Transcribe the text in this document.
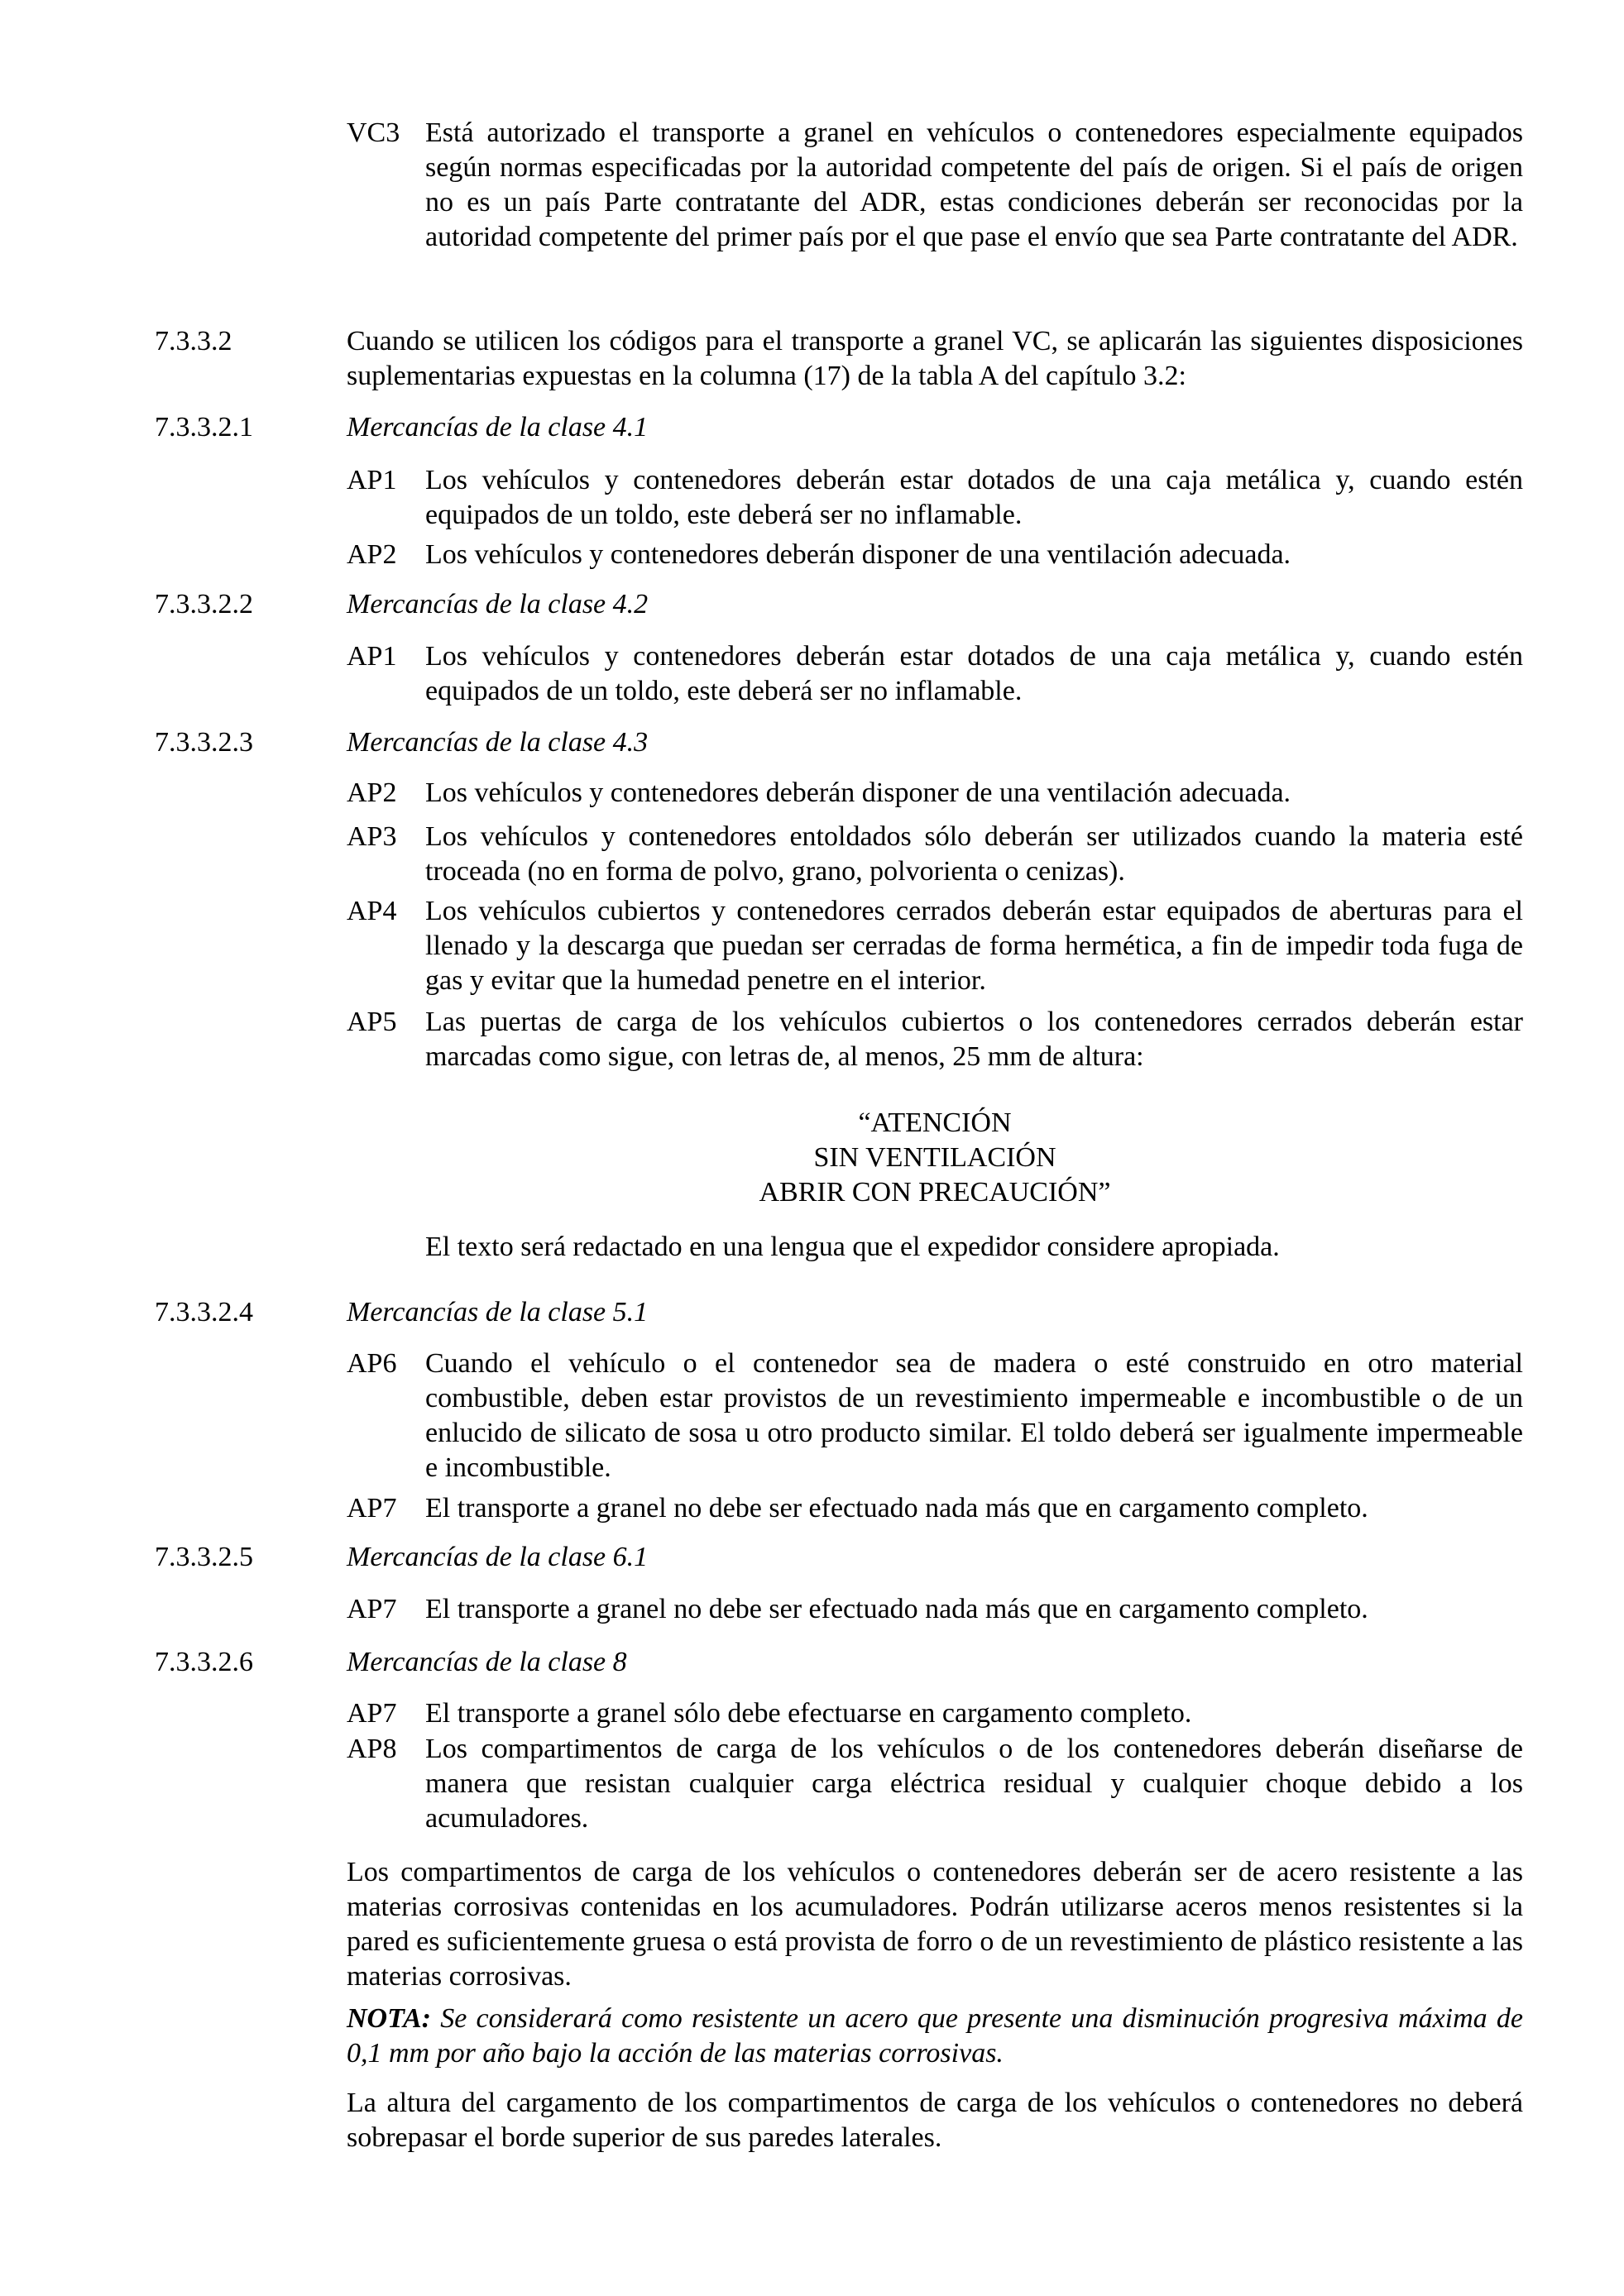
VC3 Está autorizado el transporte a granel en vehículos o contenedores especialmente equipados según normas especificadas por la autoridad competente del país de origen. Si el país de origen no es un país Parte contratante del ADR, estas condiciones deberán ser reconocidas por la autoridad competente del primer país por el que pase el envío que sea Parte contratante del ADR.
7.3.3.2	Cuando se utilicen los códigos para el transporte a granel VC, se aplicarán las siguientes disposiciones suplementarias expuestas en la columna (17) de la tabla A del capítulo 3.2:
7.3.3.2.1	Mercancías de la clase 4.1
AP1 Los vehículos y contenedores deberán estar dotados de una caja metálica y, cuando estén equipados de un toldo, este deberá ser no inflamable.
AP2 Los vehículos y contenedores deberán disponer de una ventilación adecuada.
7.3.3.2.2	Mercancías de la clase 4.2
AP1 Los vehículos y contenedores deberán estar dotados de una caja metálica y, cuando estén equipados de un toldo, este deberá ser no inflamable.
7.3.3.2.3	Mercancías de la clase 4.3
AP2 Los vehículos y contenedores deberán disponer de una ventilación adecuada.
AP3 Los vehículos y contenedores entoldados sólo deberán ser utilizados cuando la materia esté troceada (no en forma de polvo, grano, polvorienta o cenizas).
AP4 Los vehículos cubiertos y contenedores cerrados deberán estar equipados de aberturas para el llenado y la descarga que puedan ser cerradas de forma hermética, a fin de impedir toda fuga de gas y evitar que la humedad penetre en el interior.
AP5 Las puertas de carga de los vehículos cubiertos o los contenedores cerrados deberán estar marcadas como sigue, con letras de, al menos, 25 mm de altura:
“ATENCIÓN
SIN VENTILACIÓN
ABRIR CON PRECAUCIÓN”
El texto será redactado en una lengua que el expedidor considere apropiada.
7.3.3.2.4	Mercancías de la clase 5.1
AP6 Cuando el vehículo o el contenedor sea de madera o esté construido en otro material combustible, deben estar provistos de un revestimiento impermeable e incombustible o de un enlucido de silicato de sosa u otro producto similar. El toldo deberá ser igualmente impermeable e incombustible.
AP7 El transporte a granel no debe ser efectuado nada más que en cargamento completo.
7.3.3.2.5	Mercancías de la clase 6.1
AP7 El transporte a granel no debe ser efectuado nada más que en cargamento completo.
7.3.3.2.6	Mercancías de la clase 8
AP7 El transporte a granel sólo debe efectuarse en cargamento completo.
AP8 Los compartimentos de carga de los vehículos o de los contenedores deberán diseñarse de manera que resistan cualquier carga eléctrica residual y cualquier choque debido a los acumuladores.
Los compartimentos de carga de los vehículos o contenedores deberán ser de acero resistente a las materias corrosivas contenidas en los acumuladores. Podrán utilizarse aceros menos resistentes si la pared es suficientemente gruesa o está provista de forro o de un revestimiento de plástico resistente a las materias corrosivas.
NOTA: Se considerará como resistente un acero que presente una disminución progresiva máxima de 0,1 mm por año bajo la acción de las materias corrosivas.
La altura del cargamento de los compartimentos de carga de los vehículos o contenedores no deberá sobrepasar el borde superior de sus paredes laterales.
